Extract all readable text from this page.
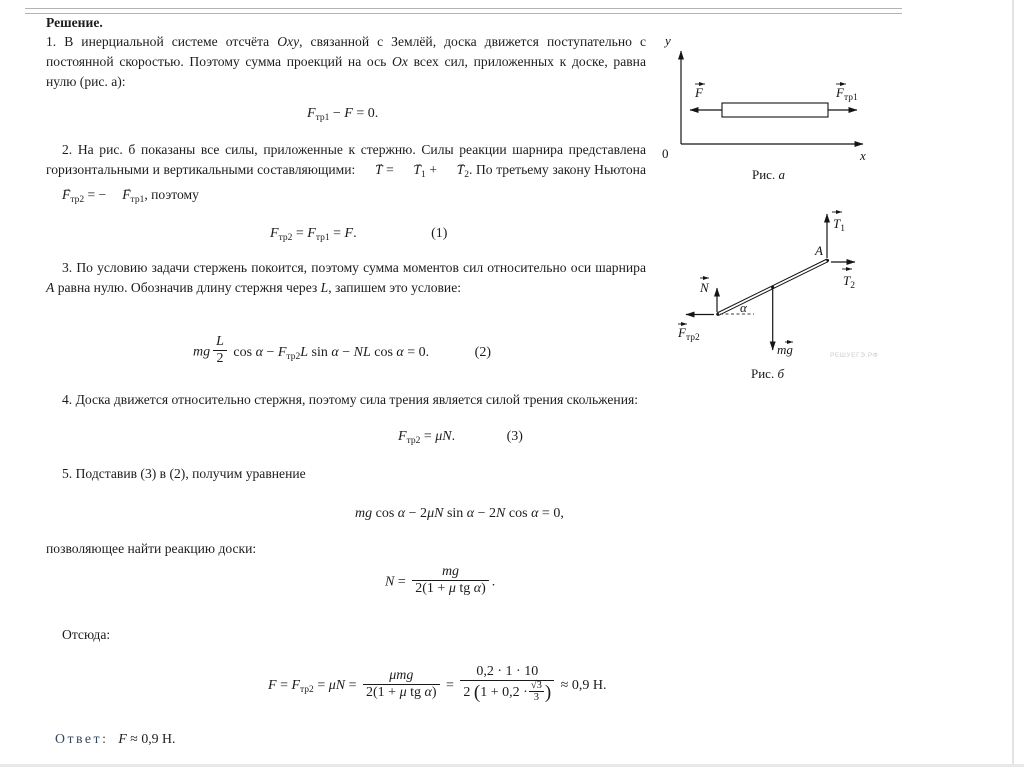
Решение.
1. В инерциальной системе отсчёта Oxy, связанной с Землёй, доска движется поступательно с постоянной скоростью. Поэтому сумма проекций на ось Ox всех сил, приложенных к доске, равна нулю (рис. а):
$F_{тр1} - F = 0$.
2. На рис. б показаны все силы, приложенные к стержню. Силы реакции шарнира представлена горизонтальными и вертикальными составляющими: T → = $T \to_1 + T \to_2$. По третьему закону Ньютона $F \to_{тр2}$ = − $F \to_{тр1}$, поэтому
$F_{тр2} = F_{тр1} = F$.	(1)
3. По условию задачи стержень покоится, поэтому сумма моментов сил относительно оси шарнира A равна нулю. Обозначив длину стержня через L, запишем это условие:
mg $\frac{L}{2}$ $\cos \alpha - F_{тр2}L$ sin α − NL cos α = 0.	(2)
4. Доска движется относительно стержня, поэтому сила трения является силой трения скольжения:
$F_{тр2} = \mu N$.	(3)
5. Подставив (3) в (2), получим уравнение
mg cos α − 2μN sin α − 2N cos α = 0,
позволяющее найти реакцию доски:
$N = \frac{mg}{\text{2(1 + μ tg α)}}$ .
Отсюда:
$F = F_{тр2} = \mu N = \frac{\text{μmg}}{\text{2(1 + μ tg α)}} = \frac{0,2 \cdot 1 \cdot 10}{2 (1 + 0,2 \cdot \frac{√3}{3} )} \approx 0,9$ Н.
Ответ: F ≈ 0,9 Н.
y
0	x
F	$F_{тр1}$
Рис. a
$T_1$
A
$T_2$
N
$F_{тр2}$
mg
α
РЕШУЕГЭ.РФ
Рис. б
